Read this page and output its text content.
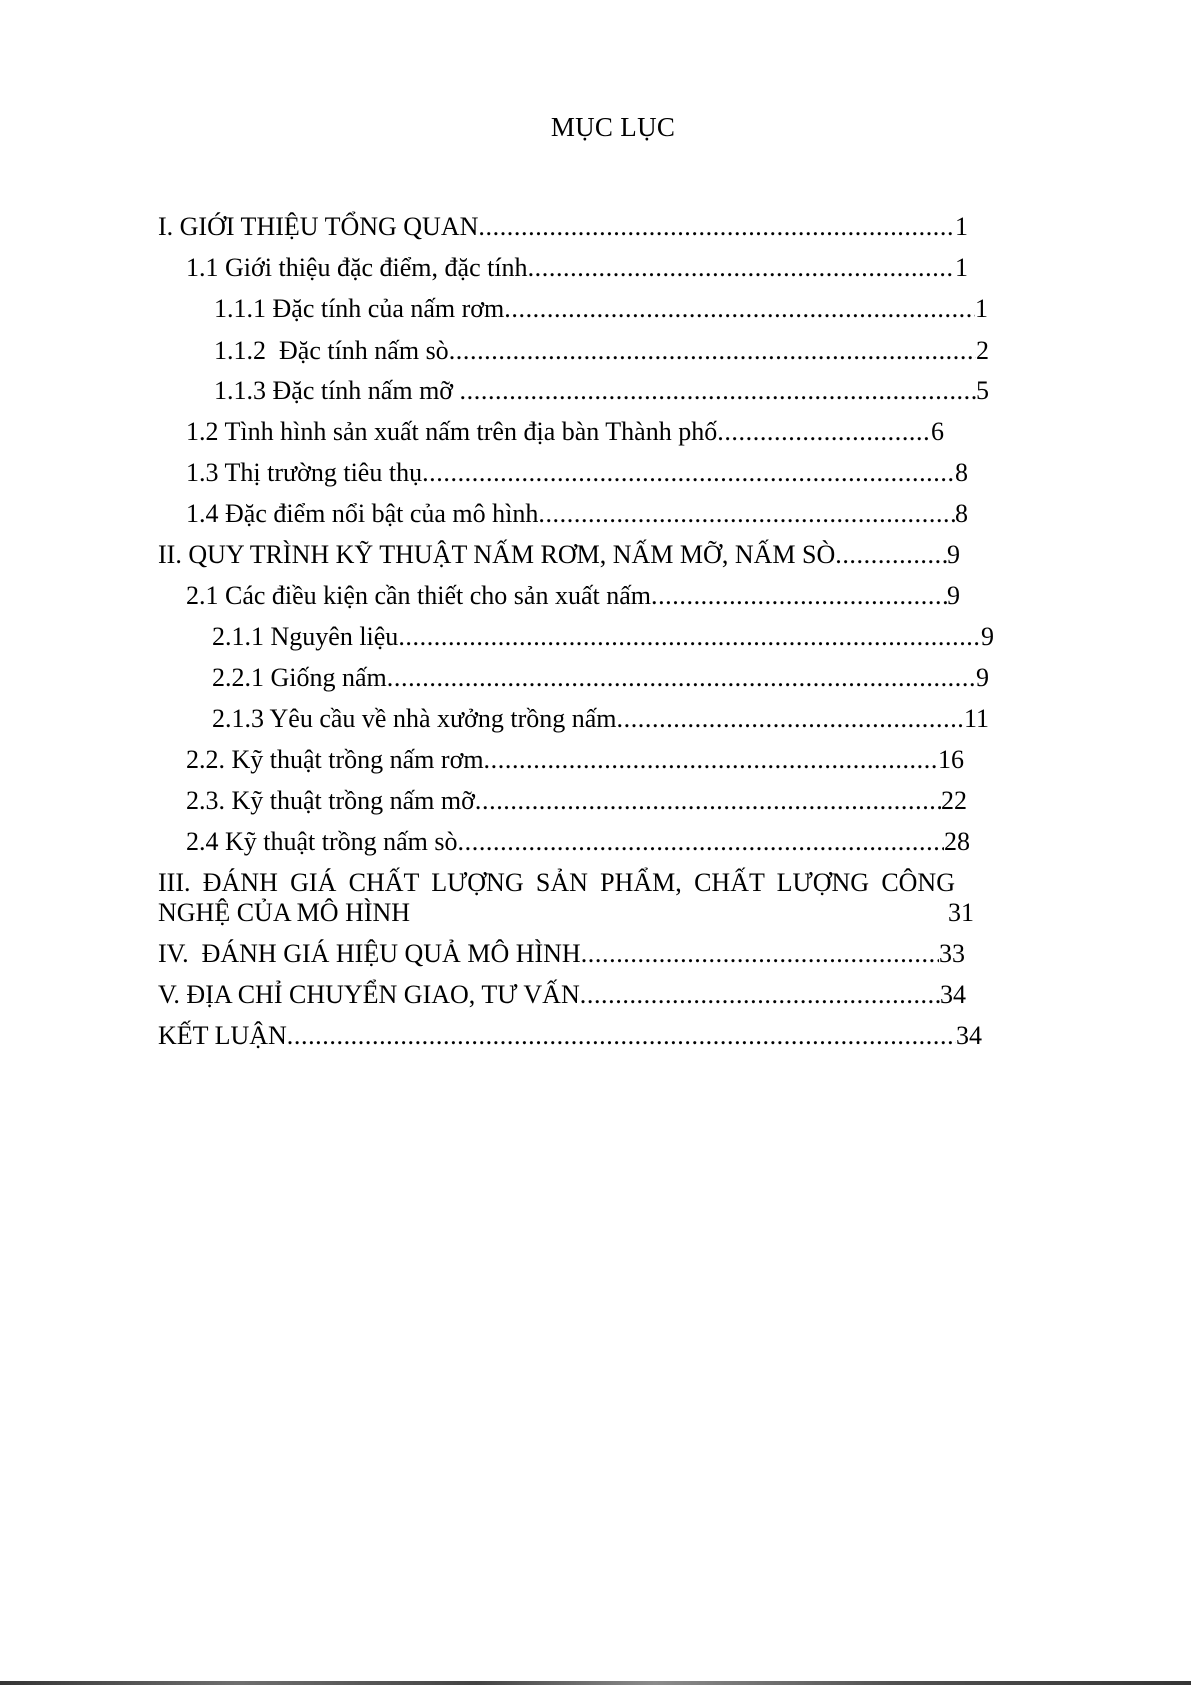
MỤC LỤC
I. GIỚI THIỆU TỔNG QUAN .....	1
1.1 Giới thiệu đặc điểm, đặc tính .....	1
1.1.1 Đặc tính của nấm rơm .....	1
1.1.2  Đặc tính nấm sò .....	2
1.1.3 Đặc tính nấm mỡ .....	5
1.2 Tình hình sản xuất nấm trên địa bàn Thành phố .....	6
1.3 Thị trường tiêu thụ .....	8
1.4 Đặc điểm nổi bật của mô hình .....	8
II. QUY TRÌNH KỸ THUẬT NẤM RƠM, NẤM MỠ, NẤM SÒ .....	9
2.1 Các điều kiện cần thiết cho sản xuất nấm .....	9
2.1.1 Nguyên liệu .....	9
2.2.1 Giống nấm .....	9
2.1.3 Yêu cầu về nhà xưởng trồng nấm .....	11
2.2. Kỹ thuật trồng nấm rơm .....	16
2.3. Kỹ thuật trồng nấm mỡ .....	22
2.4 Kỹ thuật trồng nấm sò .....	28
III. ĐÁNH GIÁ CHẤT LƯỢNG SẢN PHẨM, CHẤT LƯỢNG CÔNG
NGHỆ CỦA MÔ HÌNH	31
IV.  ĐÁNH GIÁ HIỆU QUẢ MÔ HÌNH .....	33
V. ĐỊA CHỈ CHUYỂN GIAO, TƯ VẤN .....	34
KẾT LUẬN .....	34
